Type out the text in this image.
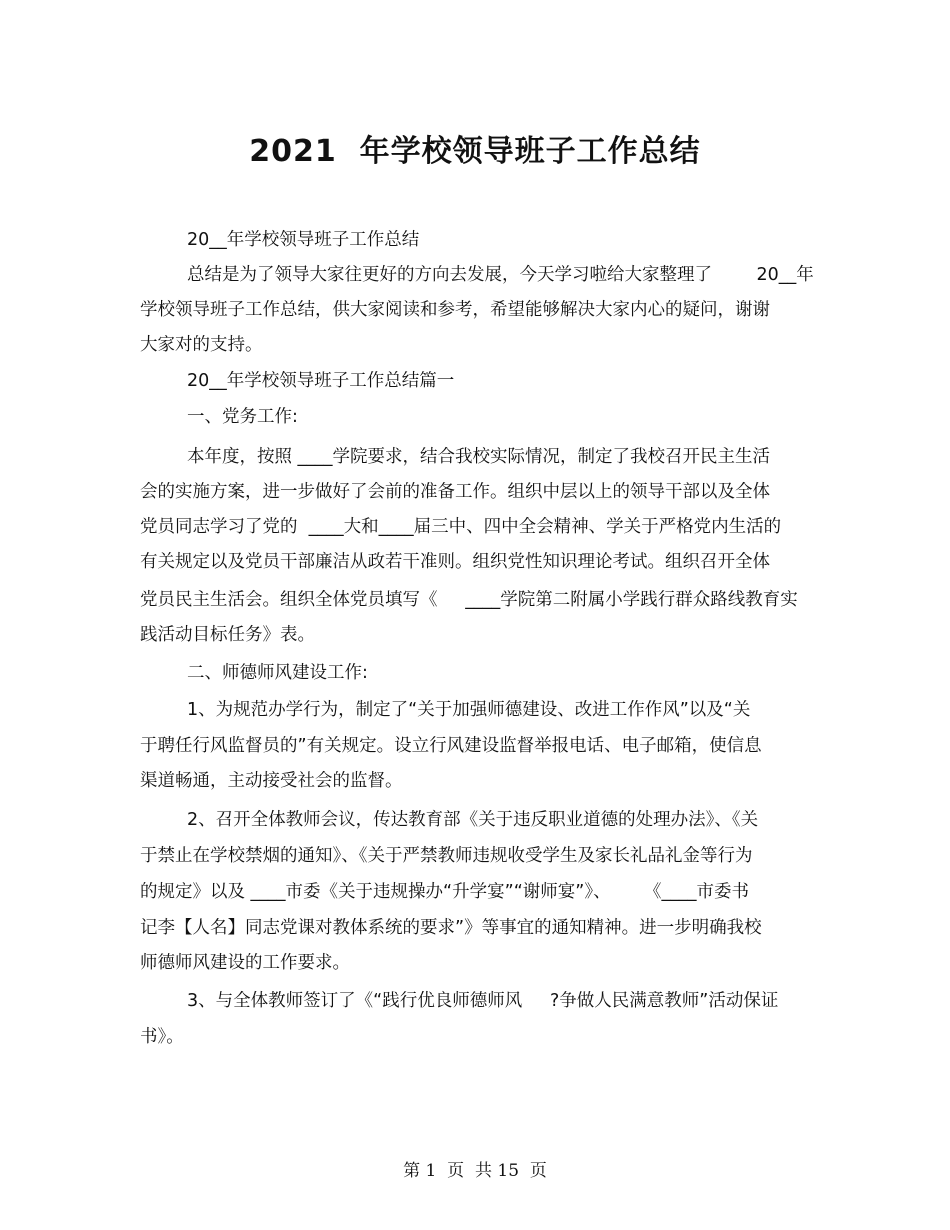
2021  年学校领导班子工作总结
20__年学校领导班子工作总结
总结是为了领导大家往更好的方向去发展，今天学习啦给大家整理了        20__年
学校领导班子工作总结，供大家阅读和参考，希望能够解决大家内心的疑问，谢谢
大家对的支持。
20__年学校领导班子工作总结篇一
一、党务工作:
本年度，按照 ____学院要求，结合我校实际情况，制定了我校召开民主生活
会的实施方案，进一步做好了会前的准备工作。组织中层以上的领导干部以及全体
党员同志学习了党的  ____大和____届三中、四中全会精神、学关于严格党内生活的
有关规定以及党员干部廉洁从政若干准则。组织党性知识理论考试。组织召开全体
党员民主生活会。组织全体党员填写《     ____学院第二附属小学践行群众路线教育实
践活动目标任务》表。
二、师德师风建设工作:
1、为规范办学行为，制定了“关于加强师德建设、改进工作作风”以及“关
于聘任行风监督员的”有关规定。设立行风建设监督举报电话、电子邮箱，使信息
渠道畅通，主动接受社会的监督。
2、召开全体教师会议，传达教育部《关于违反职业道德的处理办法》、《关
于禁止在学校禁烟的通知》、《关于严禁教师违规收受学生及家长礼品礼金等行为
的规定》以及 ____市委《关于违规操办“升学宴”“谢师宴”》、      《____市委书
记李【人名】同志党课对教体系统的要求”》等事宜的通知精神。进一步明确我校
师德师风建设的工作要求。
3、与全体教师签订了《“践行优良师德师风     ?争做人民满意教师”活动保证
书》。
第 1  页  共 15  页
